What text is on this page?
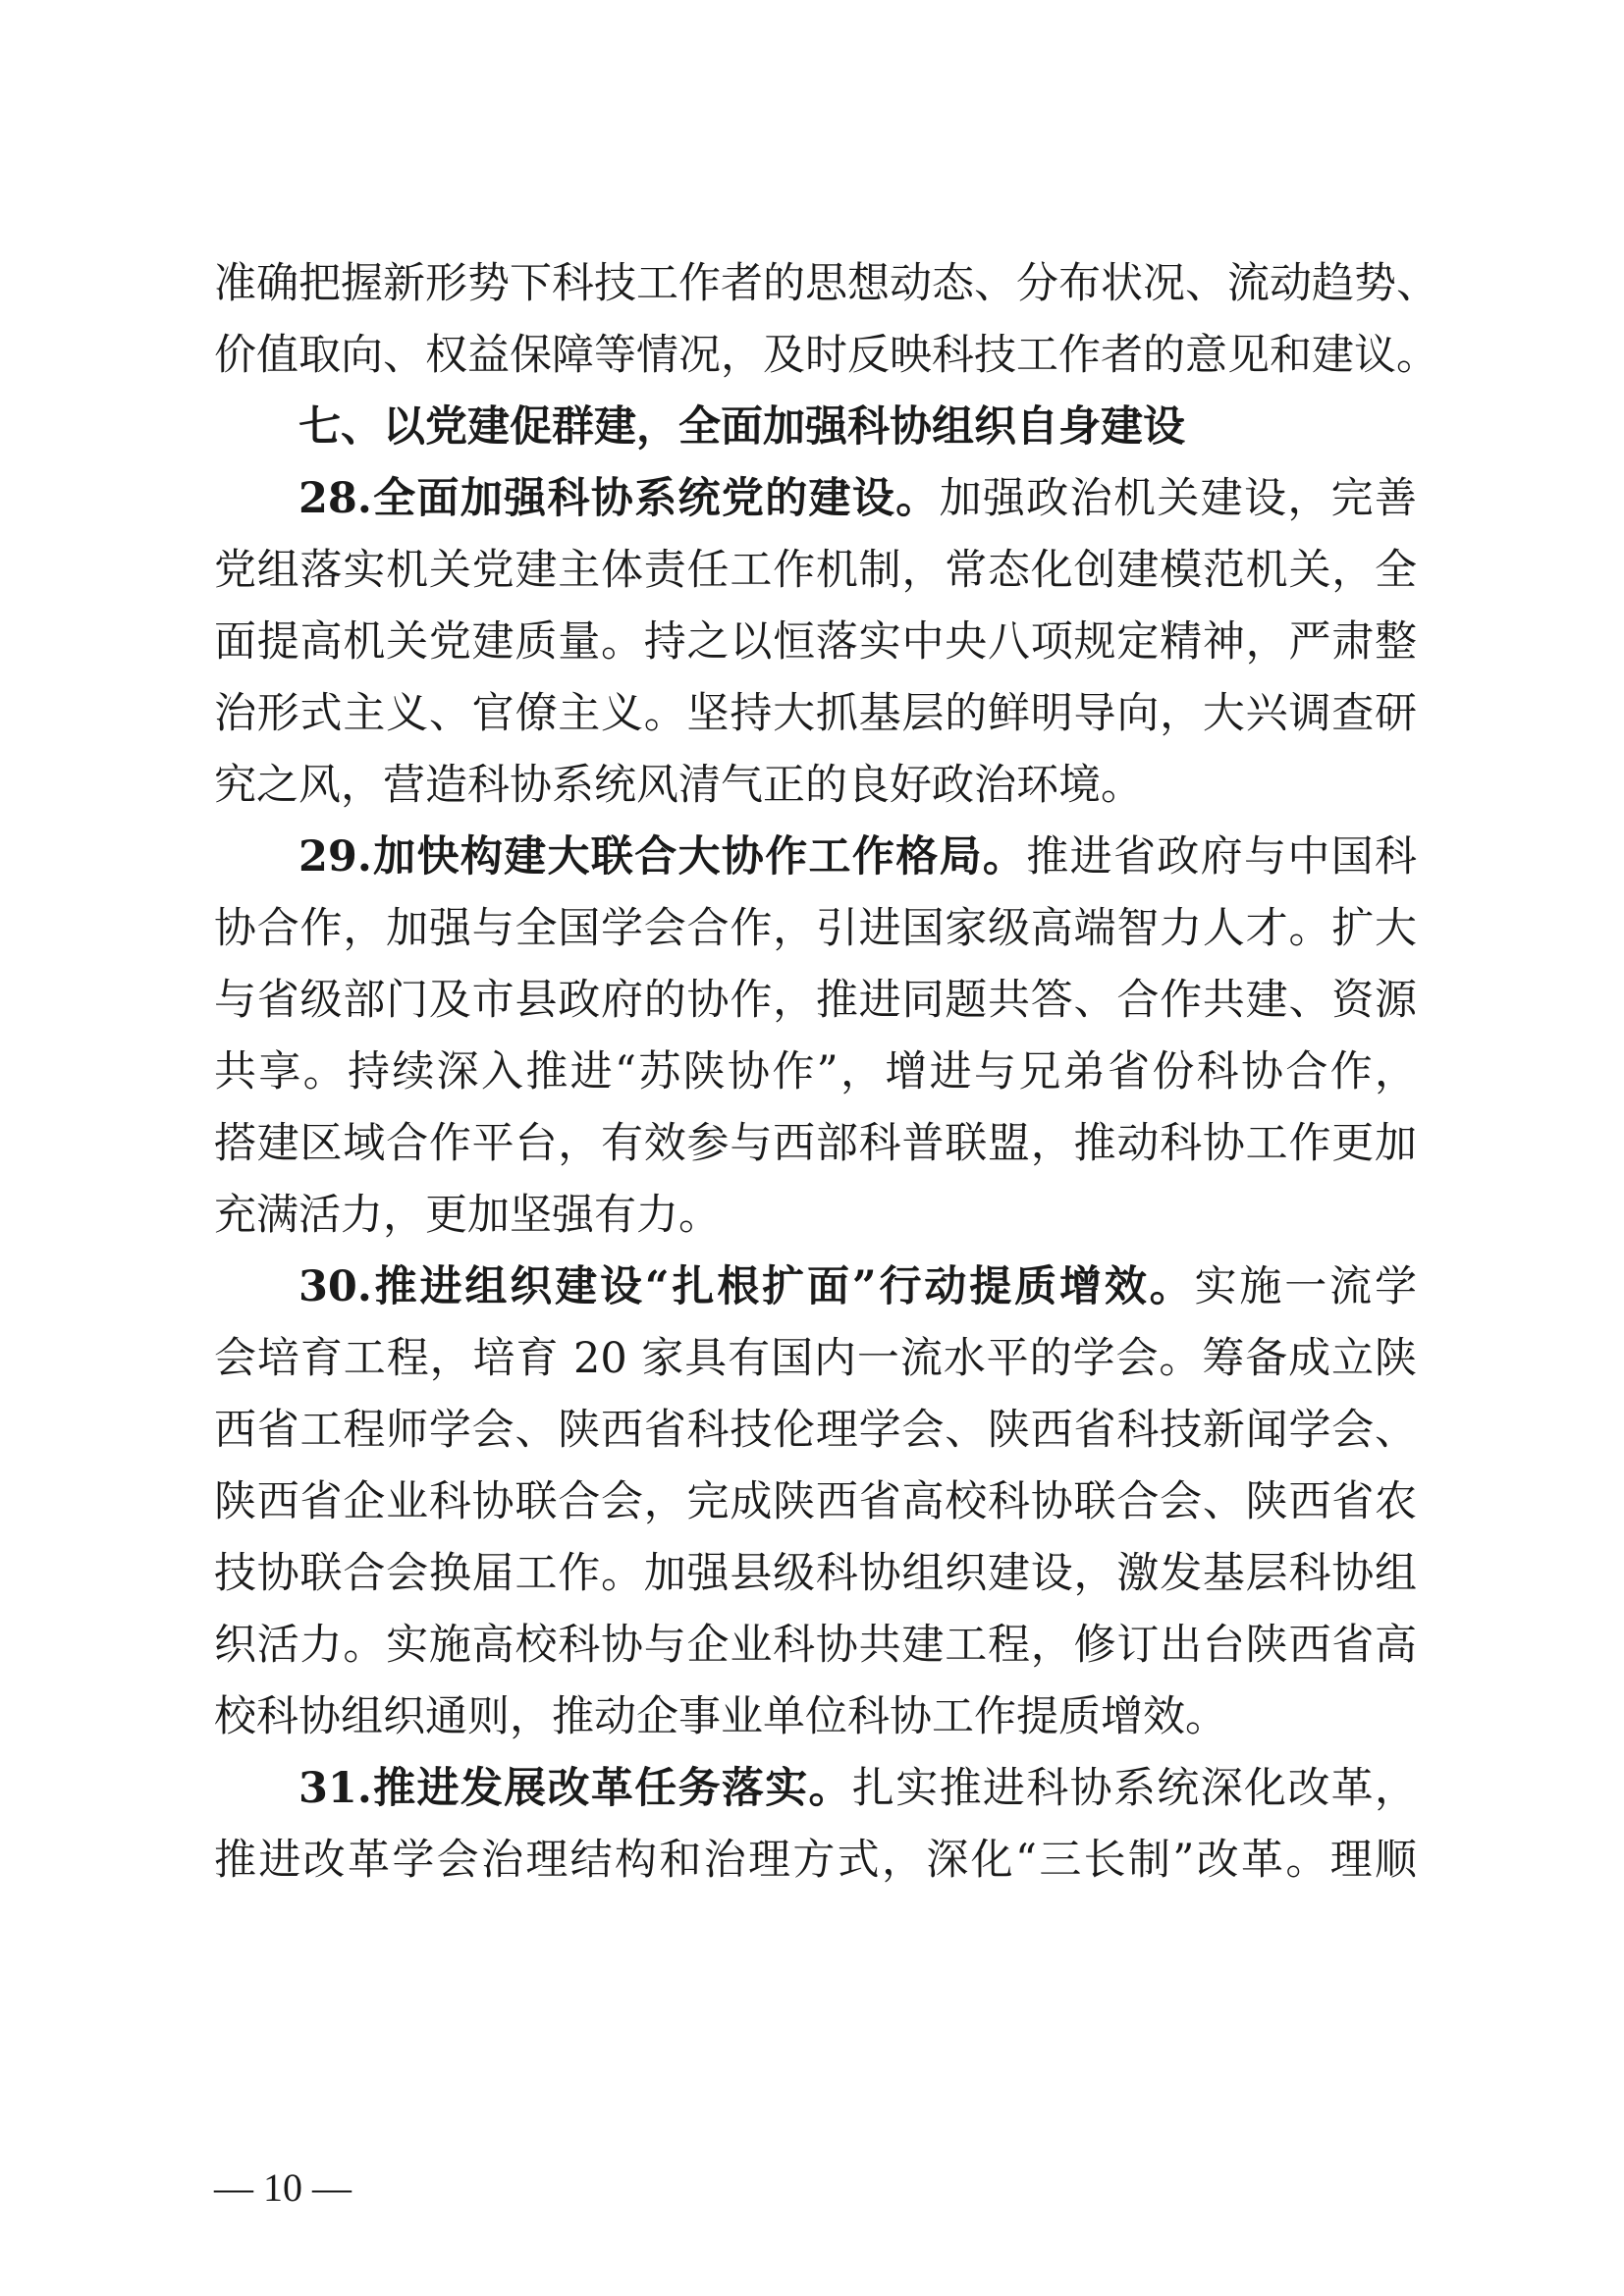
准确把握新形势下科技工作者的思想动态、分布状况、流动趋势、
价值取向、权益保障等情况，及时反映科技工作者的意见和建议。
七、以党建促群建，全面加强科协组织自身建设
28.全面加强科协系统党的建设。加强政治机关建设，完善
党组落实机关党建主体责任工作机制，常态化创建模范机关，全
面提高机关党建质量。持之以恒落实中央八项规定精神，严肃整
治形式主义、官僚主义。坚持大抓基层的鲜明导向，大兴调查研
究之风，营造科协系统风清气正的良好政治环境。
29.加快构建大联合大协作工作格局。推进省政府与中国科
协合作，加强与全国学会合作，引进国家级高端智力人才。扩大
与省级部门及市县政府的协作，推进同题共答、合作共建、资源
共享。持续深入推进“苏陕协作”，增进与兄弟省份科协合作，
搭建区域合作平台，有效参与西部科普联盟，推动科协工作更加
充满活力，更加坚强有力。
30.推进组织建设“扎根扩面”行动提质增效。实施一流学
会培育工程，培育 20 家具有国内一流水平的学会。筹备成立陕
西省工程师学会、陕西省科技伦理学会、陕西省科技新闻学会、
陕西省企业科协联合会，完成陕西省高校科协联合会、陕西省农
技协联合会换届工作。加强县级科协组织建设，激发基层科协组
织活力。实施高校科协与企业科协共建工程，修订出台陕西省高
校科协组织通则，推动企事业单位科协工作提质增效。
31.推进发展改革任务落实。扎实推进科协系统深化改革，
推进改革学会治理结构和治理方式，深化“三长制”改革。理顺
— 10 —
